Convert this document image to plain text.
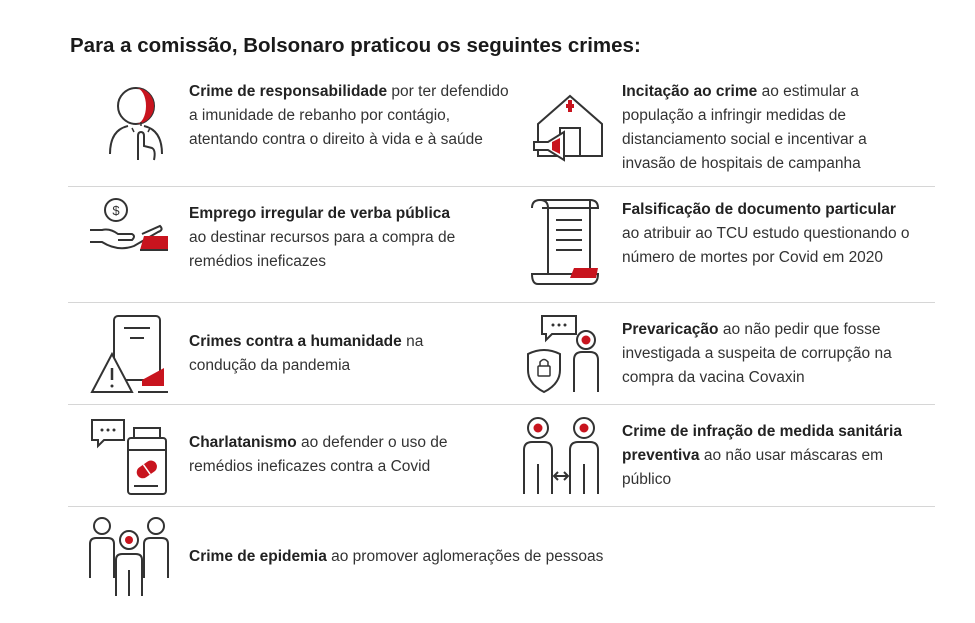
Para a comissão, Bolsonaro praticou os seguintes crimes:
Crime de responsabilidade por ter defendido a imunidade de rebanho por contágio, atentando contra o direito à vida e à saúde
Incitação ao crime ao estimular a população a infringir medidas de distanciamento social e incentivar a invasão de hospitais de campanha
$	Emprego irregular de verba pública
ao destinar recursos para a compra de remédios ineficazes
Falsificação de documento particular
ao atribuir ao TCU estudo questionando o número de mortes por Covid em 2020
Crimes contra a humanidade na condução da pandemia
Prevaricação ao não pedir que fosse investigada a suspeita de corrupção na compra da vacina Covaxin
Charlatanismo ao defender o uso de remédios ineficazes contra a Covid
Crime de infração de medida sanitária preventiva ao não usar máscaras em público
Crime de epidemia ao promover aglomerações de pessoas
